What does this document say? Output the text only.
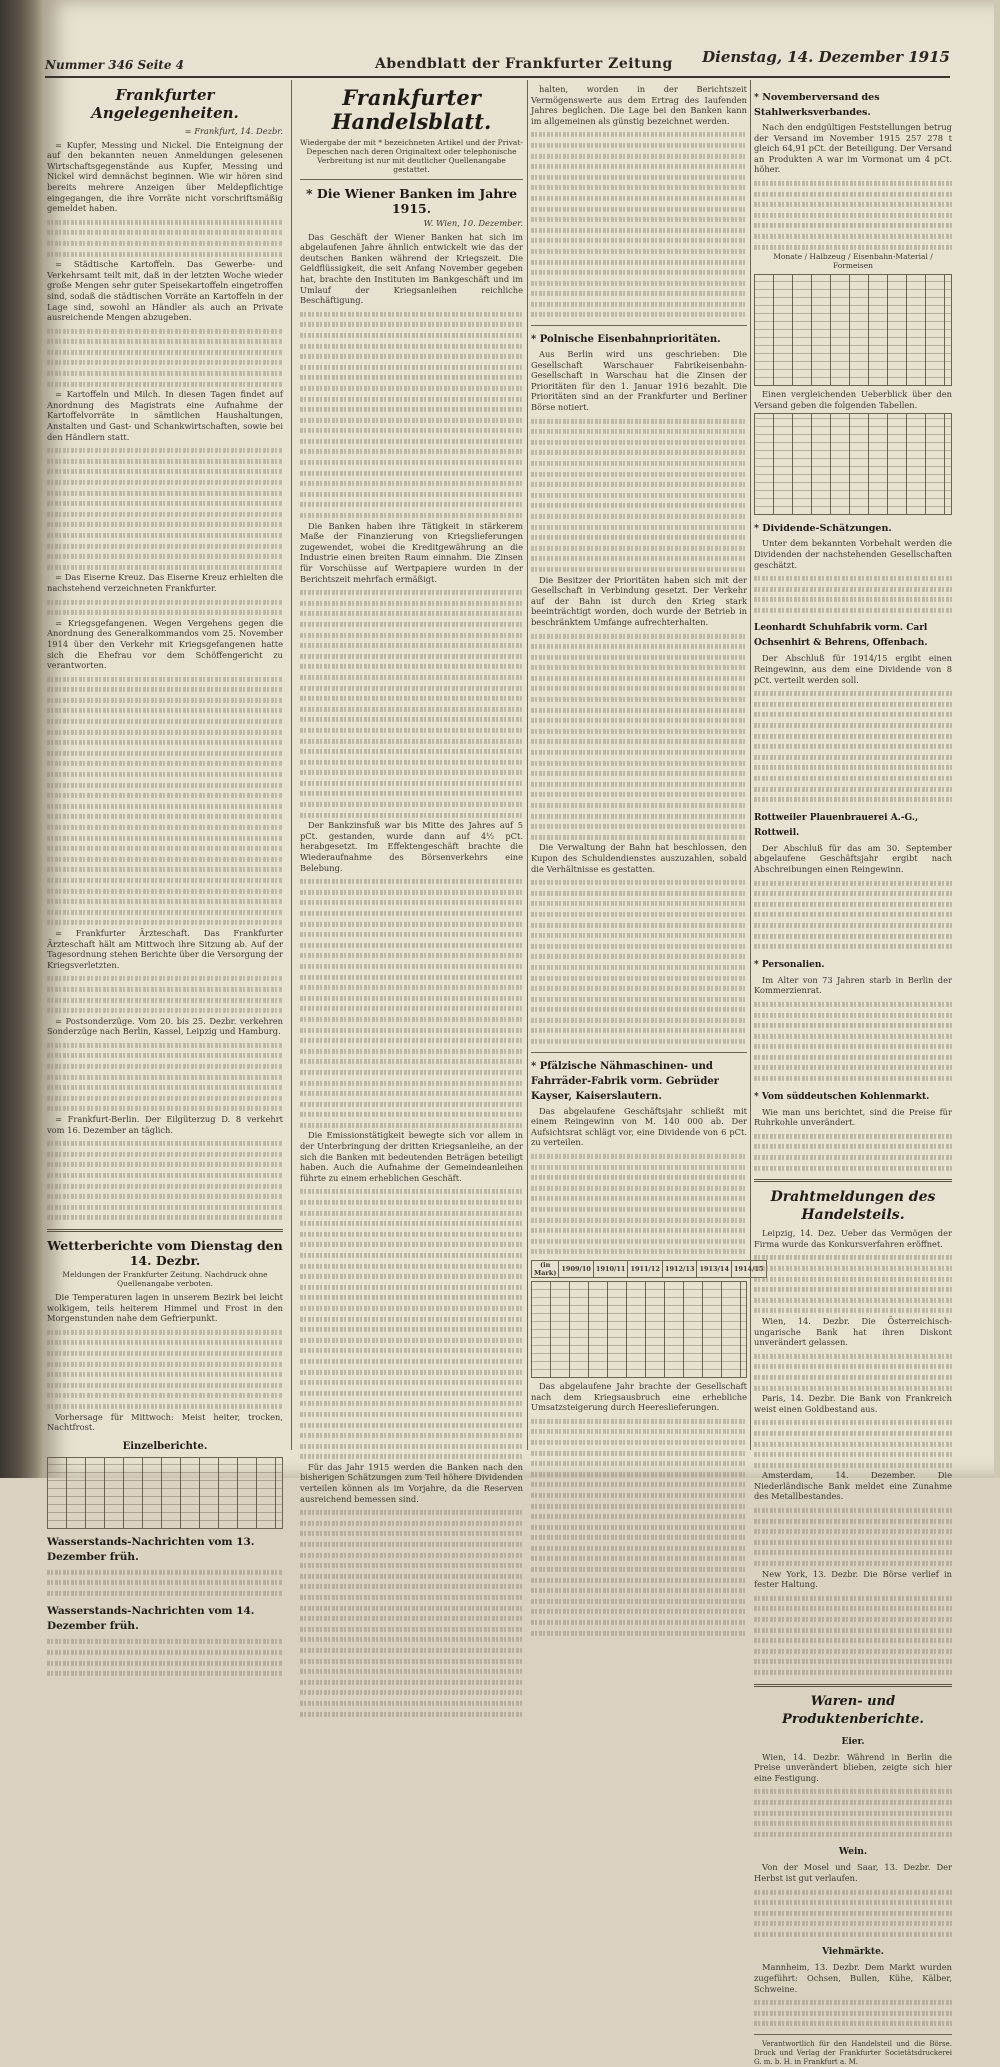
Nummer 346 Seite 4	Abendblatt der Frankfurter Zeitung Dienstag, 14. Dezember 1915
Frankfurter Angelegenheiten.
= Frankfurt, 14. Dezbr.

= Kupfer, Messing und Nickel. Die Enteignung der auf den bekannten neuen Anmeldungen gelesenen Wirtschaftsgegenstände aus Kupfer, Messing und Nickel wird demnächst beginnen. Wie wir hören sind bereits mehrere Anzeigen über Meldepflichtige eingegangen, die ihre Vorräte nicht vorschriftsmäßig gemeldet haben.

= Städtische Kartoffeln. Das Gewerbe- und Verkehrsamt teilt mit, daß in der letzten Woche wieder große Mengen sehr guter Speisekartoffeln eingetroffen sind, sodaß die städtischen Vorräte an Kartoffeln in der Lage sind, sowohl an Händler als auch an Private ausreichende Mengen abzugeben.

= Kartoffeln und Milch. In diesen Tagen findet auf Anordnung des Magistrats eine Aufnahme der Kartoffelvorräte in sämtlichen Haushaltungen, Anstalten und Gast- und Schankwirtschaften, sowie bei den Händlern statt.

= Das Eiserne Kreuz. Das Eiserne Kreuz erhielten die nachstehend verzeichneten Frankfurter.

= Kriegsgefangenen. Wegen Vergehens gegen die Anordnung des Generalkommandos vom 25. November 1914 über den Verkehr mit Kriegsgefangenen hatte sich die Ehefrau vor dem Schöffengericht zu verantworten.

= Frankfurter Ärzteschaft. Das Frankfurter Ärzteschaft hält am Mittwoch ihre Sitzung ab. Auf der Tagesordnung stehen Berichte über die Versorgung der Kriegsverletzten.

= Postsonderzüge. Vom 20. bis 25. Dezbr. verkehren Sonderzüge nach Berlin, Kassel, Leipzig und Hamburg.

= Frankfurt-Berlin. Der Eilgüterzug D. 8 verkehrt vom 16. Dezember an täglich.

Wetterberichte vom Dienstag den 14. Dezbr.
Meldungen der Frankfurter Zeitung. Nachdruck ohne Quellenangabe verboten.

Die Temperaturen lagen in unserem Bezirk bei leicht wolkigem, teils heiterem Himmel und Frost in den Morgenstunden nahe dem Gefrierpunkt.

Vorhersage für Mittwoch: Meist heiter, trocken, Nachtfrost.

Einzelberichte.
Wasserstands-Nachrichten vom 13. Dezember früh.
Wasserstands-Nachrichten vom 14. Dezember früh.
Frankfurter Handelsblatt.
Wiedergabe der mit * bezeichneten Artikel und der Privat-Depeschen nach deren Originaltext oder telephonische Verbreitung ist nur mit deutlicher Quellenangabe gestattet.
* Die Wiener Banken im Jahre 1915.
W. Wien, 10. Dezember.

Das Geschäft der Wiener Banken hat sich im abgelaufenen Jahre ähnlich entwickelt wie das der deutschen Banken während der Kriegszeit. Die Geldflüssigkeit, die seit Anfang November gegeben hat, brachte den Instituten im Bankgeschäft und im Umlauf der Kriegsanleihen reichliche Beschäftigung.

Die Banken haben ihre Tätigkeit in stärkerem Maße der Finanzierung von Kriegslieferungen zugewendet, wobei die Kreditgewährung an die Industrie einen breiten Raum einnahm. Die Zinsen für Vorschüsse auf Wertpapiere wurden in der Berichtszeit mehrfach ermäßigt.

Der Bankzinsfuß war bis Mitte des Jahres auf 5 pCt. gestanden, wurde dann auf 4½ pCt. herabgesetzt. Im Effektengeschäft brachte die Wiederaufnahme des Börsenverkehrs eine Belebung.

Die Emissionstätigkeit bewegte sich vor allem in der Unterbringung der dritten Kriegsanleihe, an der sich die Banken mit bedeutenden Beträgen beteiligt haben. Auch die Aufnahme der Gemeindeanleihen führte zu einem erheblichen Geschäft.

Für das Jahr 1915 werden die Banken nach den bisherigen Schätzungen zum Teil höhere Dividenden verteilen können als im Vorjahre, da die Reserven ausreichend bemessen sind.

halten, worden in der Berichtszeit Vermögenswerte aus dem Ertrag des Iaufenden Jahres beglichen. Die Lage bei den Banken kann im allgemeinen als günstig bezeichnet werden.

* Polnische Eisenbahnprioritäten.

Aus Berlin wird uns geschrieben: Die Gesellschaft Warschauer Fabrikeisenbahn-Gesellschaft in Warschau hat die Zinsen der Prioritäten für den 1. Januar 1916 bezahlt. Die Prioritäten sind an der Frankfurter und Berliner Börse notiert.

Die Besitzer der Prioritäten haben sich mit der Gesellschaft in Verbindung gesetzt. Der Verkehr auf der Bahn ist durch den Krieg stark beeinträchtigt worden, doch wurde der Betrieb in beschränktem Umfange aufrechterhalten.

Die Verwaltung der Bahn hat beschlossen, den Kupon des Schuldendienstes auszuzahlen, sobald die Verhältnisse es gestatten.

* Pfälzische Nähmaschinen- und Fahrräder-Fabrik vorm. Gebrüder Kayser, Kaiserslautern.

Das abgelaufene Geschäftsjahr schließt mit einem Reingewinn von M. 140 000 ab. Der Aufsichtsrat schlägt vor, eine Dividende von 6 pCt. zu verteilen.

(in Mark)	1909/10	1910/11	1911/12	1912/13	1913/14	1914/15

Das abgelaufene Jahr brachte der Gesellschaft nach dem Kriegsausbruch eine erhebliche Umsatzsteigerung durch Heereslieferungen.

* Novemberversand des Stahlwerksverbandes.

Nach den endgültigen Feststellungen betrug der Versand im November 1915 257 278 t gleich 64,91 pCt. der Beteiligung. Der Versand an Produkten A war im Vormonat um 4 pCt. höher.

Monate / Halbzeug / Eisenbahn-Material / Formeisen

Einen vergleichenden Ueberblick über den Versand geben die folgenden Tabellen.

* Dividende-Schätzungen.

Unter dem bekannten Vorbehalt werden die Dividenden der nachstehenden Gesellschaften geschätzt.

Leonhardt Schuhfabrik vorm. Carl Ochsenhirt & Behrens, Offenbach.

Der Abschluß für 1914/15 ergibt einen Reingewinn, aus dem eine Dividende von 8 pCt. verteilt werden soll.

Rottweiler Plauenbrauerei A.-G., Rottweil.

Der Abschluß für das am 30. September abgelaufene Geschäftsjahr ergibt nach Abschreibungen einen Reingewinn.

* Personalien.

Im Alter von 73 Jahren starb in Berlin der Kommerzienrat.

* Vom süddeutschen Kohlenmarkt.

Wie man uns berichtet, sind die Preise für Ruhrkohle unverändert.

Drahtmeldungen des Handelsteils.

Leipzig, 14. Dez. Ueber das Vermögen der Firma wurde das Konkursverfahren eröffnet.

Wien, 14. Dezbr. Die Österreichisch-ungarische Bank hat ihren Diskont unverändert gelassen.

Paris, 14. Dezbr. Die Bank von Frankreich weist einen Goldbestand aus.

Amsterdam, 14. Dezember. Die Niederländische Bank meldet eine Zunahme des Metallbestandes.

New York, 13. Dezbr. Die Börse verlief in fester Haltung.

Waren- und Produktenberichte.
Eier.

Wien, 14. Dezbr. Während in Berlin die Preise unverändert blieben, zeigte sich hier eine Festigung.

Wein.

Von der Mosel und Saar, 13. Dezbr. Der Herbst ist gut verlaufen.

Viehmärkte.

Mannheim, 13. Dezbr. Dem Markt wurden zugeführt: Ochsen, Bullen, Kühe, Kälber, Schweine.

Verantwortlich für den Handelsteil und die Börse. Druck und Verlag der Frankfurter Societätsdruckerei G. m. b. H. in Frankfurt a. M.
